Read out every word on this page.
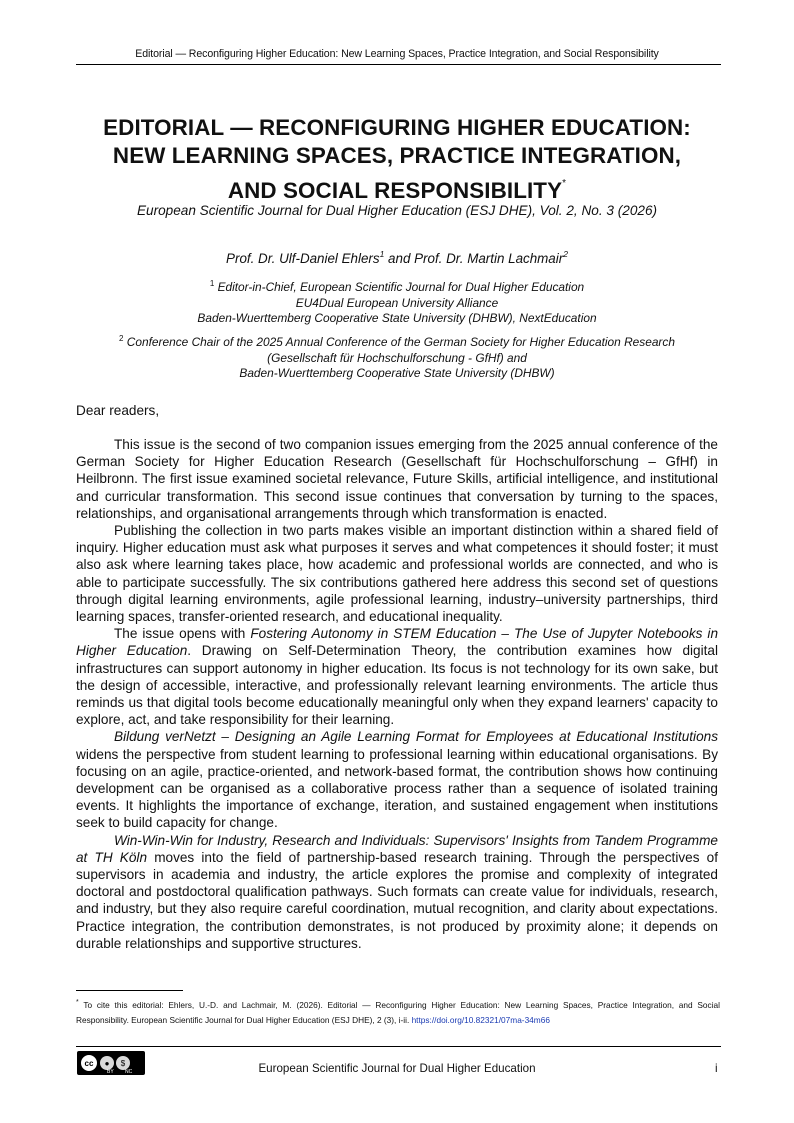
Editorial — Reconfiguring Higher Education: New Learning Spaces, Practice Integration, and Social Responsibility
EDITORIAL — RECONFIGURING HIGHER EDUCATION:
NEW LEARNING SPACES, PRACTICE INTEGRATION,
AND SOCIAL RESPONSIBILITY*
European Scientific Journal for Dual Higher Education (ESJ DHE), Vol. 2, No. 3 (2026)
Prof. Dr. Ulf-Daniel Ehlers$^1$ and Prof. Dr. Martin Lachmair$^2$
$^1$ Editor-in-Chief, European Scientific Journal for Dual Higher Education
EU4Dual European University Alliance
Baden-Wuerttemberg Cooperative State University (DHBW), NextEducation
$^2$ Conference Chair of the 2025 Annual Conference of the German Society for Higher Education Research
(Gesellschaft für Hochschulforschung - GfHf) and
Baden-Wuerttemberg Cooperative State University (DHBW)
Dear readers,

This issue is the second of two companion issues emerging from the 2025 annual conference of the German Society for Higher Education Research (Gesellschaft für Hochschulforschung – GfHf) in Heilbronn. The first issue examined societal relevance, Future Skills, artificial intelligence, and institutional and curricular transformation. This second issue continues that conversation by turning to the spaces, relationships, and organisational arrangements through which transformation is enacted.

Publishing the collection in two parts makes visible an important distinction within a shared field of inquiry. Higher education must ask what purposes it serves and what competences it should foster; it must also ask where learning takes place, how academic and professional worlds are connected, and who is able to participate successfully. The six contributions gathered here address this second set of questions through digital learning environments, agile professional learning, industry–university partnerships, third learning spaces, transfer-oriented research, and educational inequality.

The issue opens with Fostering Autonomy in STEM Education – The Use of Jupyter Notebooks in Higher Education. Drawing on Self-Determination Theory, the contribution examines how digital infrastructures can support autonomy in higher education. Its focus is not technology for its own sake, but the design of accessible, interactive, and professionally relevant learning environments. The article thus reminds us that digital tools become educationally meaningful only when they expand learners' capacity to explore, act, and take responsibility for their learning.

Bildung verNetzt – Designing an Agile Learning Format for Employees at Educational Institutions widens the perspective from student learning to professional learning within educational organisations. By focusing on an agile, practice-oriented, and network-based format, the contribution shows how continuing development can be organised as a collaborative process rather than a sequence of isolated training events. It highlights the importance of exchange, iteration, and sustained engagement when institutions seek to build capacity for change.

Win-Win-Win for Industry, Research and Individuals: Supervisors' Insights from Tandem Programme at TH Köln moves into the field of partnership-based research training. Through the perspectives of supervisors in academia and industry, the article explores the promise and complexity of integrated doctoral and postdoctoral qualification pathways. Such formats can create value for individuals, research, and industry, but they also require careful coordination, mutual recognition, and clarity about expectations. Practice integration, the contribution demonstrates, is not produced by proximity alone; it depends on durable relationships and supportive structures.

* To cite this editorial: Ehlers, U.-D. and Lachmair, M. (2026). Editorial — Reconfiguring Higher Education: New Learning Spaces, Practice Integration, and Social Responsibility. European Scientific Journal for Dual Higher Education (ESJ DHE), 2 (3), i-ii. https://doi.org/10.82321/07ma-34m66
cc	●	$
BY NC	European Scientific Journal for Dual Higher Education	i
